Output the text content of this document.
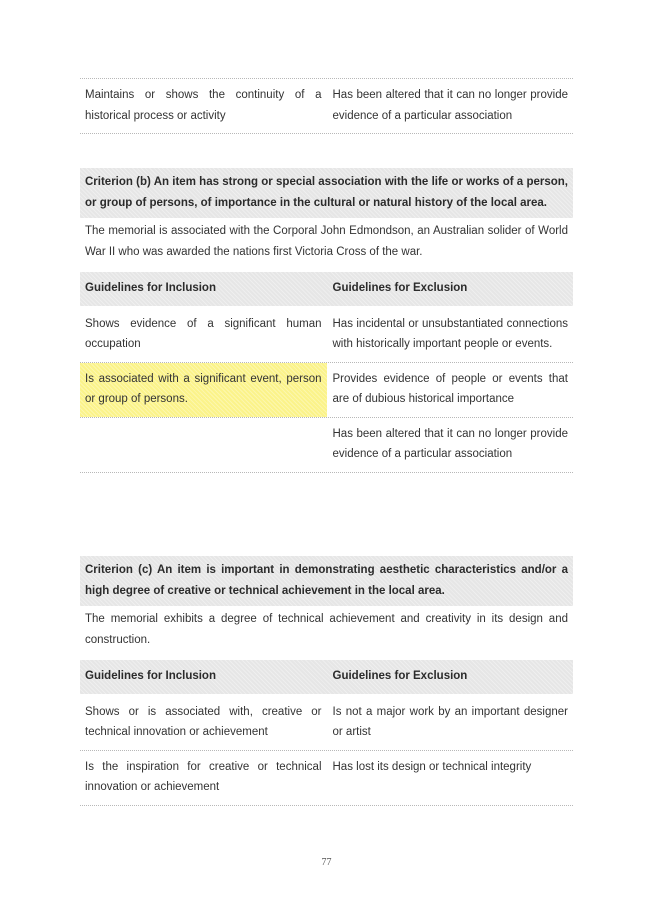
Maintains or shows the continuity of a historical process or activity
Has been altered that it can no longer provide evidence of a particular association
Criterion (b) An item has strong or special association with the life or works of a person, or group of persons, of importance in the cultural or natural history of the local area.
The memorial is associated with the Corporal John Edmondson, an Australian solider of World War II who was awarded the nations first Victoria Cross of the war.
Guidelines for Inclusion	Guidelines for Exclusion
Shows evidence of a significant human occupation
Has incidental or unsubstantiated connections with historically important people or events.
Is associated with a significant event, person or group of persons.
Provides evidence of people or events that are of dubious historical importance
Has been altered that it can no longer provide evidence of a particular association
Criterion (c) An item is important in demonstrating aesthetic characteristics and/or a high degree of creative or technical achievement in the local area.
The memorial exhibits a degree of technical achievement and creativity in its design and construction.
Guidelines for Inclusion	Guidelines for Exclusion
Shows or is associated with, creative or technical innovation or achievement
Is not a major work by an important designer or artist
Is the inspiration for creative or technical innovation or achievement
Has lost its design or technical integrity
77
